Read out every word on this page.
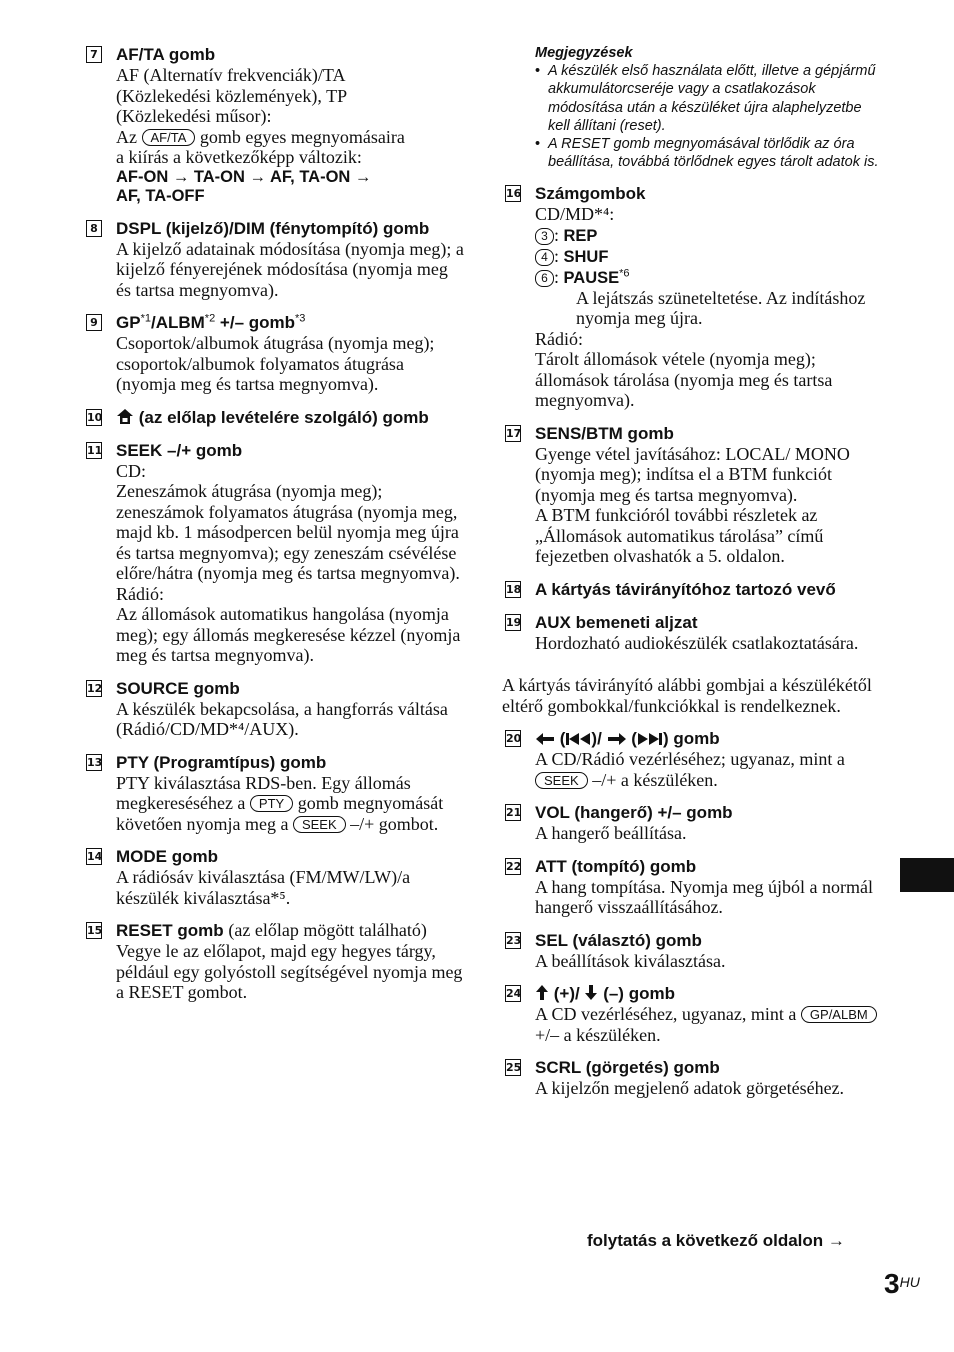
7 AF/TA gomb
AF (Alternatív frekvenciák)/TA
(Közlekedési közlemények), TP
(Közlekedési műsor):
Az AF/TA gomb egyes megnyomásaira
a kiírás a következőképp változik:
AF-ON → TA-ON → AF, TA-ON →
AF, TA-OFF
8 DSPL (kijelző)/DIM (fénytompító) gomb
A kijelző adatainak módosítása (nyomja meg); a kijelző fényerejének módosítása (nyomja meg és tartsa megnyomva).
9 $GP^{*1}/ALBM^{*2}$ +/– gomb$^{*3}$
Csoportok/albumok átugrása (nyomja meg); csoportok/albumok folyamatos átugrása (nyomja meg és tartsa megnyomva).
10	(az előlap levételére szolgáló) gomb
11 SEEK –/+ gomb
CD:
Zeneszámok átugrása (nyomja meg); zeneszámok folyamatos átugrása (nyomja meg, majd kb. 1 másodpercen belül nyomja meg újra és tartsa megnyomva); egy zeneszám csévélése előre/hátra (nyomja meg és tartsa megnyomva).
Rádió:
Az állomások automatikus hangolása (nyomja meg); egy állomás megkeresése kézzel (nyomja meg és tartsa megnyomva).
12 SOURCE gomb
A készülék bekapcsolása, a hangforrás váltása (Rádió/CD/MD*⁴/AUX).
13 PTY (Programtípus) gomb
PTY kiválasztása RDS-ben. Egy állomás megkereséséhez a PTY gomb megnyomását követően nyomja meg a SEEK –/+ gombot.
14 MODE gomb
A rádiósáv kiválasztása (FM/MW/LW)/a készülék kiválasztása*⁵.
15 RESET gomb (az előlap mögött található)
Vegye le az előlapot, majd egy hegyes tárgy, például egy golyóstoll segítségével nyomja meg a RESET gombot.
Megjegyzések
• A készülék első használata előtt, illetve a gépjármű akkumulátorcseréje vagy a csatlakozások módosítása után a készüléket újra alaphelyzetbe kell állítani (reset).
• A RESET gomb megnyomásával törlődik az óra beállítása, továbbá törlődnek egyes tárolt adatok is.
16 Számgombok
CD/MD*⁴:
3 : REP
4 : SHUF
6 : PAUSE$^{*6}$
A lejátszás szüneteltetése. Az indításhoz nyomja meg újra.
Rádió:
Tárolt állomások vétele (nyomja meg); állomások tárolása (nyomja meg és tartsa megnyomva).
17 SENS/BTM gomb
Gyenge vétel javításához: LOCAL/ MONO (nyomja meg); indítsa el a BTM funkciót (nyomja meg és tartsa megnyomva).
A BTM funkcióról további részletek az „Állomások automatikus tárolása” című fejezetben olvashatók a 5. oldalon.
18 A kártyás távirányítóhoz tartozó vevő
19 AUX bemeneti aljzat
Hordozható audiokészülék csatlakoztatására.
A kártyás távirányító alábbi gombjai a készülékétől eltérő gombokkal/funkciókkal is rendelkeznek.
20	( )/ ( ) gomb
A CD/Rádió vezérléséhez; ugyanaz, mint a SEEK –/+ a készüléken.
21 VOL (hangerő) +/– gomb
A hangerő beállítása.
22 ATT (tompító) gomb
A hang tompítása. Nyomja meg újból a normál hangerő visszaállításához.
23 SEL (választó) gomb
A beállítások kiválasztása.
24	(+)/ (–) gomb
A CD vezérléséhez, ugyanaz, mint a GP/ALBM +/– a készüléken.
25 SCRL (görgetés) gomb
A kijelzőn megjelenő adatok görgetéséhez.
folytatás a következő oldalon →
$3^{HU}$
